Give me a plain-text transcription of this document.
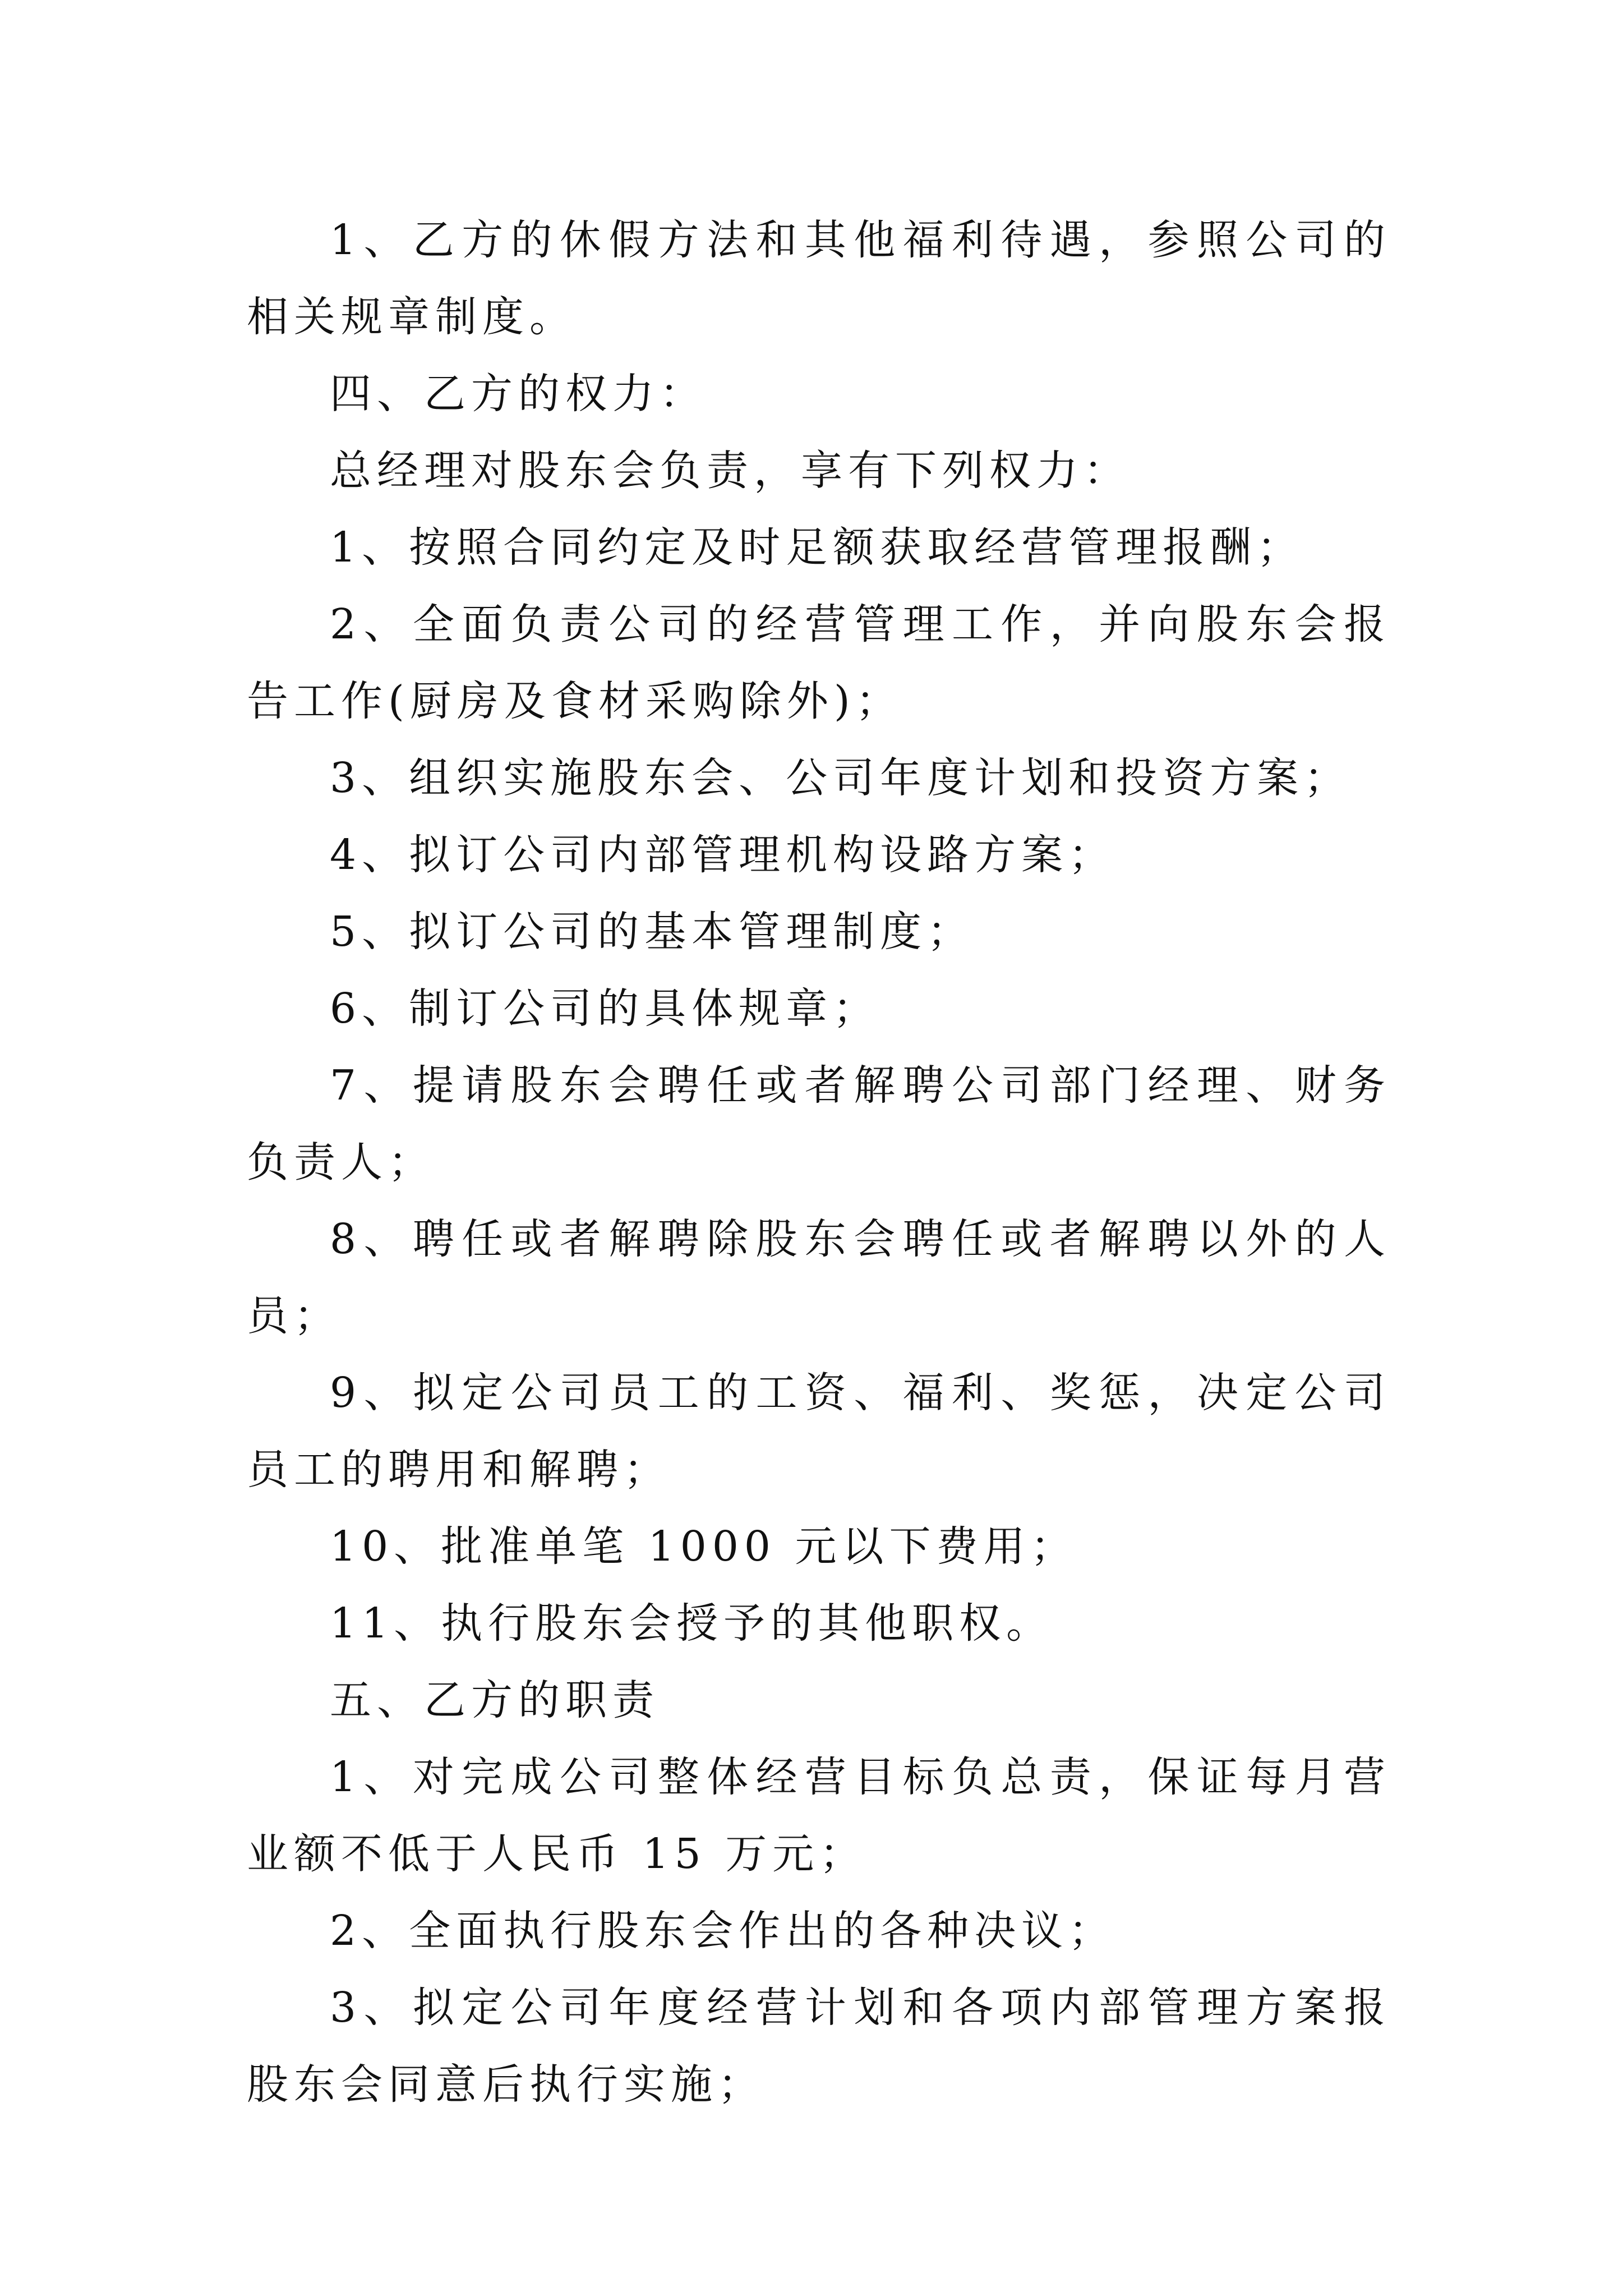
1、乙方的休假方法和其他福利待遇，参照公司的相关规章制度。

四、乙方的权力：

总经理对股东会负责，享有下列权力：

1、按照合同约定及时足额获取经营管理报酬；

2、全面负责公司的经营管理工作，并向股东会报告工作(厨房及食材采购除外)；

3、组织实施股东会、公司年度计划和投资方案；

4、拟订公司内部管理机构设路方案；

5、拟订公司的基本管理制度；

6、制订公司的具体规章；

7、提请股东会聘任或者解聘公司部门经理、财务负责人；

8、聘任或者解聘除股东会聘任或者解聘以外的人员；

9、拟定公司员工的工资、福利、奖惩，决定公司员工的聘用和解聘；

10、批准单笔 1000 元以下费用；

11、执行股东会授予的其他职权。

五、乙方的职责

1、对完成公司整体经营目标负总责，保证每月营业额不低于人民币 15 万元；

2、全面执行股东会作出的各种决议；

3、拟定公司年度经营计划和各项内部管理方案报股东会同意后执行实施；
